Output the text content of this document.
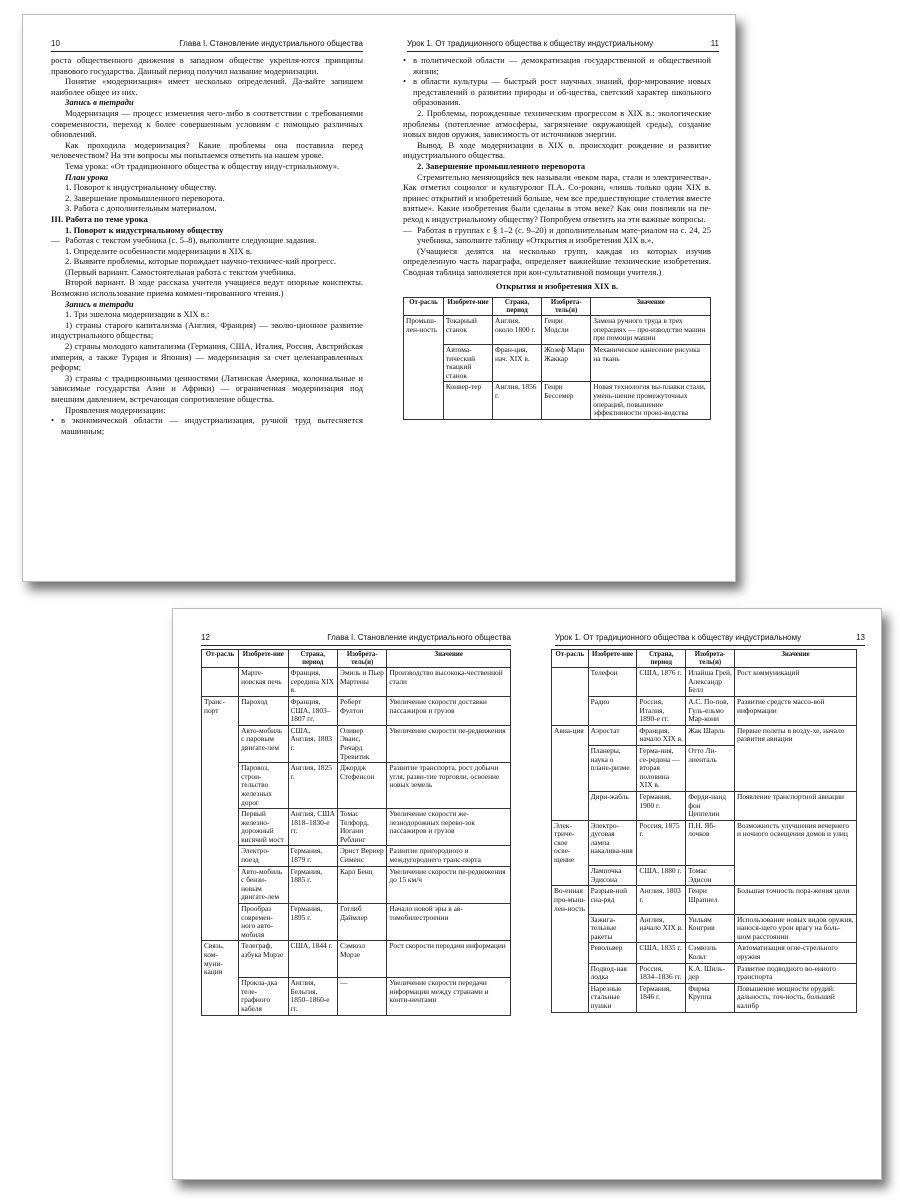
10	Глава I. Становление индустриального общества

роста общественного движения в западном обществе укрепля-ются принципы правового государства. Данный период получил название модернизации.

Понятие «модернизация» имеет несколько определений. Да-вайте запишем наиболее общее из них.

Запись в тетради

Модернизация — процесс изменения чего-либо в соответствии с требованиями современности, переход к более совершенным условиям с помощью различных обновлений.

Как проходила модернизация? Какие проблемы она поставила перед человечеством? На эти вопросы мы попытаемся ответить на нашем уроке.

Тема урока: «От традиционного общества к обществу инду-стриальному».

План урока

1. Поворот к индустриальному обществу.

2. Завершение промышленного переворота.

3. Работа с дополнительным материалом.

III. Работа по теме урока

1. Поворот к индустриальному обществу

— Работая с текстом учебника (с. 5–8), выполните следующие задания.

1. Определите особенности модернизации в XIX в.

2. Выявите проблемы, которые порождает научно-техничес-кий прогресс.

(Первый вариант. Самостоятельная работа с текстом учебника.

Второй вариант. В ходе рассказа учителя учащиеся ведут опорные конспекты. Возможно использование приема коммен-тированного чтения.)

Запись в тетради

1. Три эшелона модернизации в XIX в.:

1) страны старого капитализма (Англия, Франция) — эволю-ционное развитие индустриального общества;

2) страны молодого капитализма (Германия, США, Италия, Россия, Австрийская империя, а также Турция и Япония) — модернизация за счет целенаправленных реформ;

3) страны с традиционными ценностями (Латинская Америка, колониальные и зависимые государства Азии и Африки) — ограниченная модернизация под внешним давлением, встречающая сопротивление общества.

Проявления модернизации:

• в экономической области — индустриализация, ручной труд вытесняется машинным;

Урок 1. От традиционного общества к обществу индустриальному	11

• в политической области — демократизация государственной и общественной жизни;

• в области культуры — быстрый рост научных знаний, фор-мирование новых представлений о развитии природы и об-щества, светский характер школьного образования.

2. Проблемы, порожденные техническим прогрессом в XIX в.: экологические проблемы (потепление атмосферы, загрязнение окружающей среды), создание новых видов оружия, зависимость от источников энергии.

Вывод. В ходе модернизации в XIX в. происходит рождение и развитие индустриального общества.

2. Завершение промышленного переворота

Стремительно меняющийся век называли «веком пара, стали и электричества». Как отметил социолог и культуролог П.А. Со-рокин, «лишь только один XIX в. принес открытий и изобретений больше, чем все предшествующие столетия вместе взятые». Какие изобретения были сделаны в этом веке? Как они повлияли на пе-реход к индустриальному обществу? Попробуем ответить на эти важные вопросы.

— Работая в группах с § 1–2 (с. 9–20) и дополнительным мате-риалом на с. 24, 25 учебника, заполните таблицу «Открытия и изобретения XIX в.».

(Учащиеся делятся на несколько групп, каждая из которых изучив определенную часть параграфа, определяет важнейшие технические изобретения. Сводная таблица заполняется при кон-сультативной помощи учителя.)

Открытия и изобретения XIX в.
От-расль	Изобрете-ние	Страна, период	Изобрета-тель(и)	Значение
Промыш-лен-ность	Токарный станок	Англия, около 1800 г.	Генри Модсли	Замена ручного труда в трех операциях — про-изводство машин при помощи машин
	Автома-тический ткацкий станок	Фран-ция, нач. XIX в.	Жозеф Мари Жаккар	Механическое нанесение рисунка на ткань
	Конвер-тер	Англия, 1856 г.	Генри Бессемер	Новая технология вы-плавки стали, умень-шение промежуточных операций, повышение эффективности произ-водства
12	Глава I. Становление индустриального общества
От-расль	Изобрете-ние	Страна, период	Изобрета-тель(и)	Значение
	Марте-новская печь	Франция, середина XIX в.	Эмиль и Пьер Мартены	Производство высокока-чественной стали
Транс-порт	Пароход	Франция, США, 1803–1807 гг.	Роберт Фултон	Увеличение скорости доставки пассажиров и грузов
	Авто-мобиль с паровым двигате-лем	США, Англия, 1803 г.	Оливер Эванс, Ричард Тревитик	Увеличение скорости пе-редвижения
	Паровоз, строи-тельство железных дорог	Англия, 1825 г.	Джордж Стефенсон	Развитие транспорта, рост добычи угля, разви-тие торговли, освоение новых земель
	Первый железно-дорожный висячий мост	Англия, США 1818–1830-е гг.	Томас Телфорд, Иоганн Реблинг	Увеличение скорости же-лезнодорожных перево-зок пассажиров и грузов
	Электро-поезд	Германия, 1879 г.	Эрнст Вернер Сименс	Развитие пригородного и междугороднего транс-порта
	Авто-мобиль с бензи-новым двигате-лем	Германия, 1885 г.	Карл Бенц	Увеличение скорости пе-редвижения до 15 км/ч
	Прообраз современ-ного авто-мобиля	Германия, 1895 г.	Готлиб Даймлер	Начало новой эры в ав-томобилестроении
Связь, ком-муни-кации	Телеграф, азбука Морзе	США, 1844 г.	Сэмюэл Морзе	Рост скорости передачи информации
	Прокла-дка теле-графного кабеля	Англия, Бельгия, 1850–1860-е гг.	—	Увеличение скорости передачи информации между странами и конти-нентами
Урок 1. От традиционного общества к обществу индустриальному	13
От-расль	Изобрете-ние	Страна, период	Изобрета-тель(и)	Значение
	Телефон	США, 1876 г.	Илайша Грей, Александр Белл	Рост коммуникаций
	Радио	Россия, Италия, 1890-е гг.	А.С. По-пов, Гуль-ельмо Мар-кони	Развитие средств массо-вой информации
Авиа-ция	Аэростат	Франция, начало XIX в.	Жак Шарль	Первые полеты в возду-хе, начало развития авиации
	Планеры, наука о плане-ризме	Герма-ния, се-редина — вторая половина XIX в.	Отто Ли-лиенталь	
	Дири-жабль	Германия, 1900 г.	Ферди-нанд фон Цеппелин	Появление транспортной авиации
Элек-триче-ское осве-щение	Электро-дуговая лампа накалива-ния	Россия, 1875 г.	П.Н. Яб-лочков	Возможность улучшения вечернего и ночного освещения домов и улиц
	Лампочка Эдисона	США, 1880 г.	Томас Эдисон	
Во-енная про-мыш-лен-ность	Разрыв-ной сна-ряд	Англия, 1803 г.	Генри Шрапнел	Большая точность пора-жения цели
	Зажига-тельные ракеты	Англия, начало XIX в.	Уильям Конгрив	Использование новых видов оружия, нанося-щего урон врагу на боль-шом расстоянии
	Револьвер	США, 1835 г.	Сэмюэль Кольт	Автоматизация огне-стрельного оружия
	Подвод-ная лодка	Россия, 1834–1836 гг.	К.А. Шиль-дер	Развитие подводного во-енного транспорта
	Нарезные стальные пушки	Германия, 1846 г.	Фирма Круппа	Повышение мощности орудий: дальность, точ-ность, больший калибр
